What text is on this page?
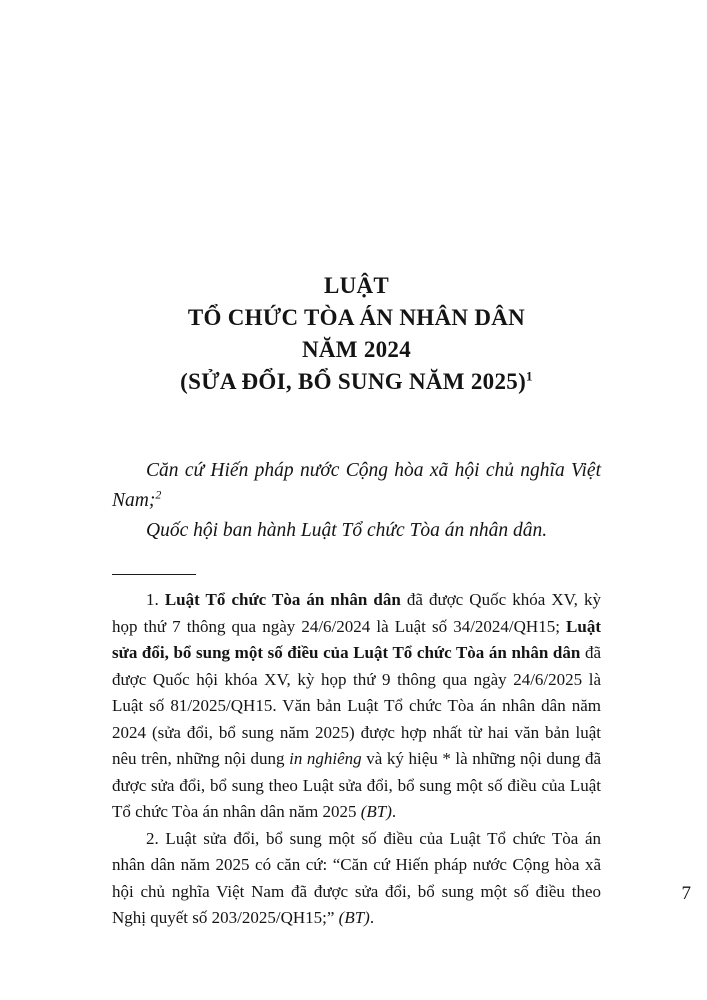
LUẬT
TỔ CHỨC TÒA ÁN NHÂN DÂN
NĂM 2024
(SỬA ĐỔI, BỔ SUNG NĂM 2025)$^1$

Căn cứ Hiến pháp nước Cộng hòa xã hội chủ nghĩa Việt Nam;$^2$

Quốc hội ban hành Luật Tổ chức Tòa án nhân dân.

1. Luật Tổ chức Tòa án nhân dân đã được Quốc khóa XV, kỳ họp thứ 7 thông qua ngày 24/6/2024 là Luật số 34/2024/QH15; Luật sửa đổi, bổ sung một số điều của Luật Tổ chức Tòa án nhân dân đã được Quốc hội khóa XV, kỳ họp thứ 9 thông qua ngày 24/6/2025 là Luật số 81/2025/QH15. Văn bản Luật Tổ chức Tòa án nhân dân năm 2024 (sửa đổi, bổ sung năm 2025) được hợp nhất từ hai văn bản luật nêu trên, những nội dung in nghiêng và ký hiệu * là những nội dung đã được sửa đổi, bổ sung theo Luật sửa đổi, bổ sung một số điều của Luật Tổ chức Tòa án nhân dân năm 2025 (BT).

2. Luật sửa đổi, bổ sung một số điều của Luật Tổ chức Tòa án nhân dân năm 2025 có căn cứ: “Căn cứ Hiến pháp nước Cộng hòa xã hội chủ nghĩa Việt Nam đã được sửa đổi, bổ sung một số điều theo Nghị quyết số 203/2025/QH15;” (BT).

7
